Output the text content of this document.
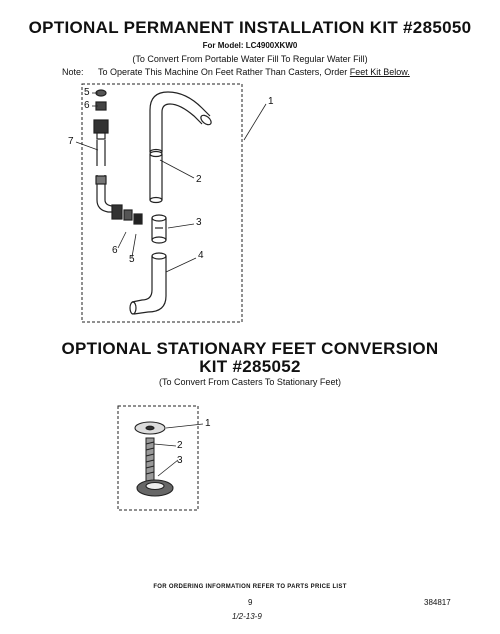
OPTIONAL PERMANENT INSTALLATION KIT #285050
For Model: LC4900XKW0
(To Convert From Portable Water Fill To Regular Water Fill)
Note: To Operate This Machine On Feet Rather Than Casters, Order Feet Kit Below.
1
2
3
4
5
6
7
6
5
OPTIONAL STATIONARY FEET CONVERSION
KIT #285052
(To Convert From Casters To Stationary Feet)
1
2
3
FOR ORDERING INFORMATION REFER TO PARTS PRICE LIST
9	384817
1/2-13-9
